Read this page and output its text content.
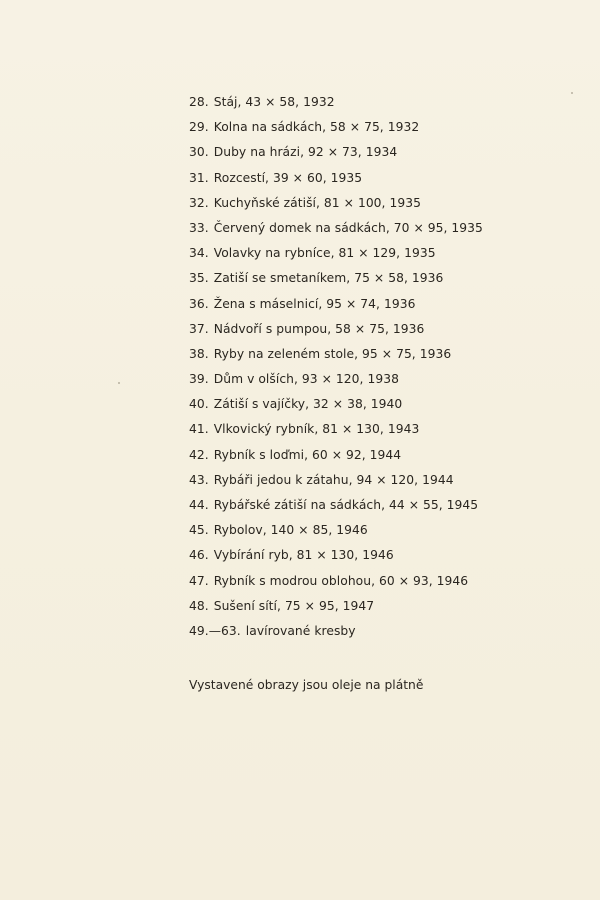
28. Stáj, 43 × 58, 1932
29. Kolna na sádkách, 58 × 75, 1932
30. Duby na hrázi, 92 × 73, 1934
31. Rozcestí, 39 × 60, 1935
32. Kuchyňské zátiší, 81 × 100, 1935
33. Červený domek na sádkách, 70 × 95, 1935
34. Volavky na rybníce, 81 × 129, 1935
35. Zatiší se smetaníkem, 75 × 58, 1936
36. Žena s máselnicí, 95 × 74, 1936
37. Nádvoří s pumpou, 58 × 75, 1936
38. Ryby na zeleném stole, 95 × 75, 1936
39. Dům v olších, 93 × 120, 1938
40. Zátiší s vajíčky, 32 × 38, 1940
41. Vlkovický rybník, 81 × 130, 1943
42. Rybník s loďmi, 60 × 92, 1944
43. Rybáři jedou k zátahu, 94 × 120, 1944
44. Rybářské zátiší na sádkách, 44 × 55, 1945
45. Rybolov, 140 × 85, 1946
46. Vybírání ryb, 81 × 130, 1946
47. Rybník s modrou oblohou, 60 × 93, 1946
48. Sušení sítí, 75 × 95, 1947
49.—63. lavírované kresby
Vystavené obrazy jsou oleje na plátně
